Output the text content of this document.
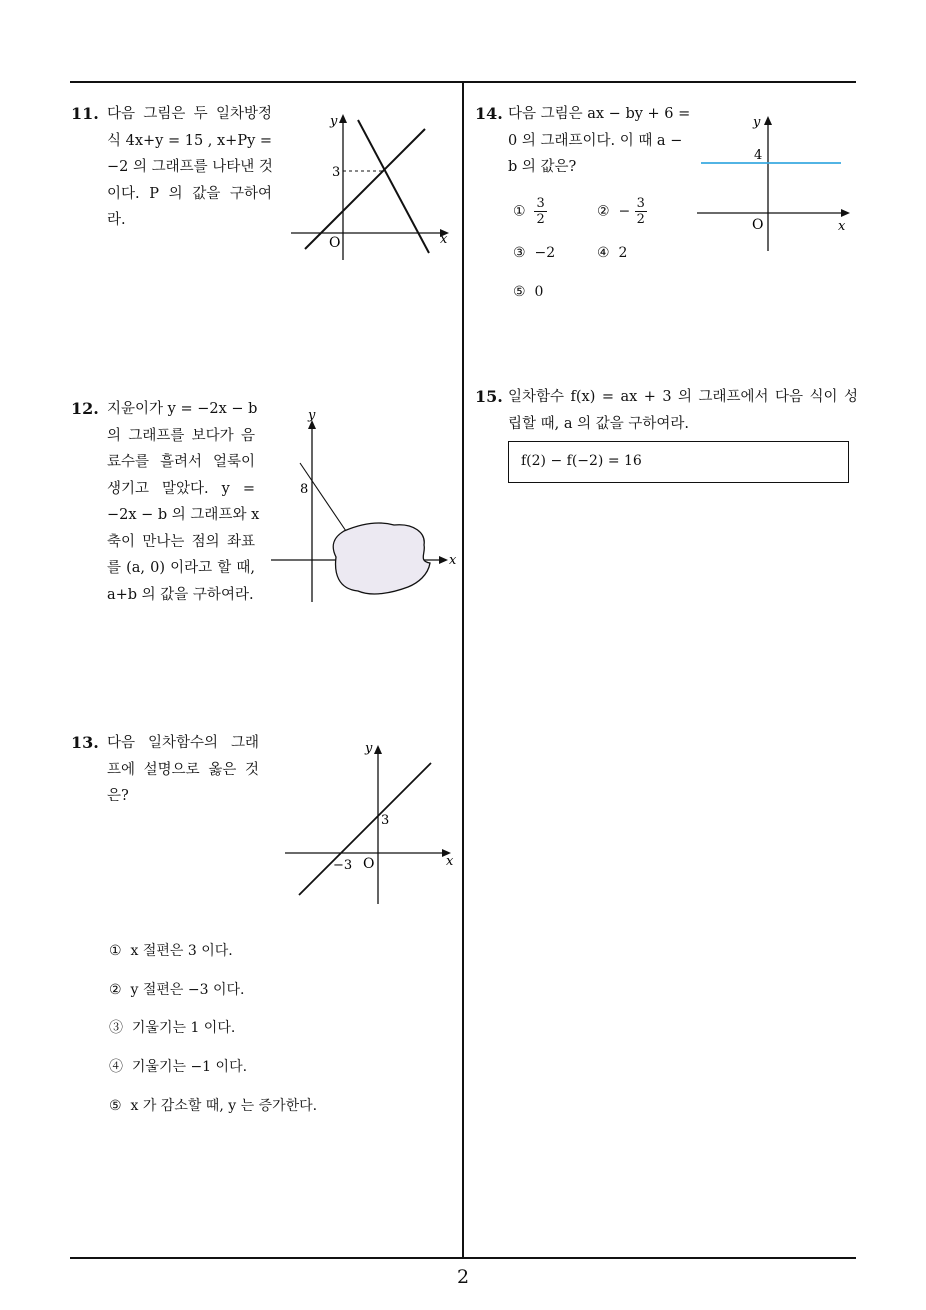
2
11. 다음 그림은 두 일차방정
식 4x+y = 15 , x+Py =
−2 의 그래프를 나타낸 것
이다. P 의 값을 구하여
라.
y
x
O
3
12. 지윤이가 y = −2x − b
의 그래프를 보다가 음
료수를 흘려서 얼룩이
생기고 말았다. y =
−2x − b 의 그래프와 x
축이 만나는 점의 좌표
를 (a, 0) 이라고 할 때,
a+b 의 값을 구하여라.
y
x
8
13. 다음 일차함수의 그래
프에 설명으로 옳은 것
은?
y
x
O
3
−3
① x 절편은 3 이다.
② y 절편은 −3 이다.
③ 기울기는 1 이다.
④ 기울기는 −1 이다.
⑤ x 가 감소할 때, y 는 증가한다.
14. 다음 그림은 ax − by + 6 =
0 의 그래프이다. 이 때 a −
b 의 값은?
① $\frac{3}{2}$	② − $\frac{3}{2}$
③ −2	④ 2
⑤ 0
y
x
O
4
15. 일차함수 f(x) = ax + 3 의 그래프에서 다음 식이 성
립할 때, a 의 값을 구하여라.
f(2) − f(−2) = 16
